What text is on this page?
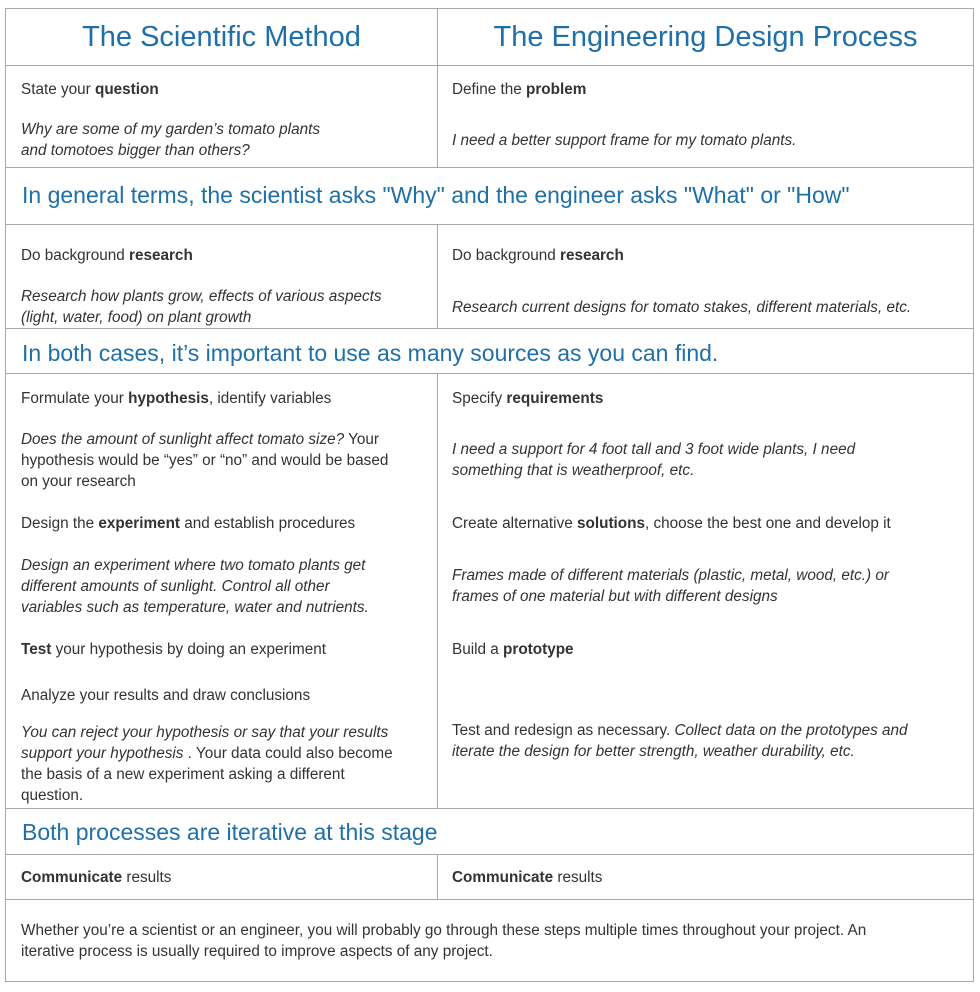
The Scientific Method	The Engineering Design Process
State your question
Why are some of my garden’s tomato plants
and tomotoes bigger than others?
Define the problem
I need a better support frame for my tomato plants.
In general terms, the scientist asks "Why" and the engineer asks "What" or "How"
Do background research
Research how plants grow, effects of various aspects
(light, water, food) on plant growth
Do background research
Research current designs for tomato stakes, different materials, etc.
In both cases, it’s important to use as many sources as you can find.
Formulate your hypothesis, identify variables
Does the amount of sunlight affect tomato size? Your
hypothesis would be “yes” or “no” and would be based
on your research
Design the experiment and establish procedures
Design an experiment where two tomato plants get
different amounts of sunlight. Control all other
variables such as temperature, water and nutrients.
Test your hypothesis by doing an experiment
Analyze your results and draw conclusions
You can reject your hypothesis or say that your results
support your hypothesis . Your data could also become
the basis of a new experiment asking a different
question.
Specify requirements
I need a support for 4 foot tall and 3 foot wide plants, I need
something that is weatherproof, etc.
Create alternative solutions, choose the best one and develop it
Frames made of different materials (plastic, metal, wood, etc.) or
frames of one material but with different designs
Build a prototype
Test and redesign as necessary. Collect data on the prototypes and
iterate the design for better strength, weather durability, etc.
Both processes are iterative at this stage
Communicate results	Communicate results
Whether you’re a scientist or an engineer, you will probably go through these steps multiple times throughout your project. An
iterative process is usually required to improve aspects of any project.
